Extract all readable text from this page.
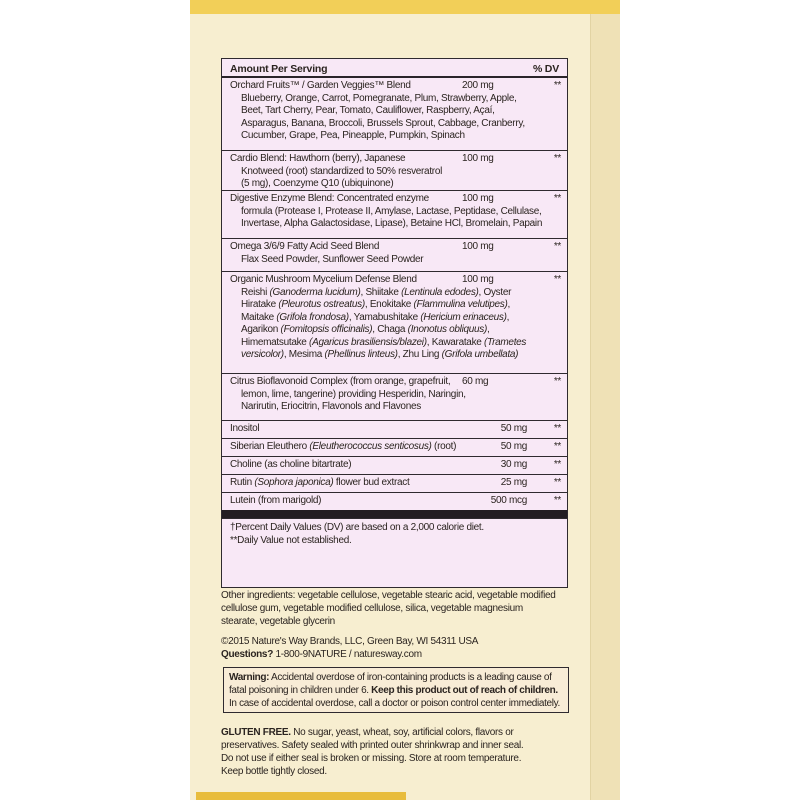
Amount Per Serving	% DV
Orchard Fruits™ / Garden Veggies™ Blend	200 mg	**
Blueberry, Orange, Carrot, Pomegranate, Plum, Strawberry, Apple,
Beet, Tart Cherry, Pear, Tomato, Cauliflower, Raspberry, Açaí,
Asparagus, Banana, Broccoli, Brussels Sprout, Cabbage, Cranberry,
Cucumber, Grape, Pea, Pineapple, Pumpkin, Spinach
Cardio Blend: Hawthorn (berry), Japanese	100 mg	**
Knotweed (root) standardized to 50% resveratrol
(5 mg), Coenzyme Q10 (ubiquinone)
Digestive Enzyme Blend: Concentrated enzyme	100 mg	**
formula (Protease I, Protease II, Amylase, Lactase, Peptidase, Cellulase,
Invertase, Alpha Galactosidase, Lipase), Betaine HCl, Bromelain, Papain
Omega 3/6/9 Fatty Acid Seed Blend	100 mg	**
Flax Seed Powder, Sunflower Seed Powder
Organic Mushroom Mycelium Defense Blend	100 mg	**
Reishi (Ganoderma lucidum), Shiitake (Lentinula edodes), Oyster
Hiratake (Pleurotus ostreatus), Enokitake (Flammulina velutipes),
Maitake (Grifola frondosa), Yamabushitake (Hericium erinaceus),
Agarikon (Fomitopsis officinalis), Chaga (Inonotus obliquus),
Himematsutake (Agaricus brasiliensis/blazei), Kawaratake (Trametes
versicolor), Mesima (Phellinus linteus), Zhu Ling (Grifola umbellata)
Citrus Bioflavonoid Complex (from orange, grapefruit,	60 mg	**
lemon, lime, tangerine) providing Hesperidin, Naringin,
Narirutin, Eriocitrin, Flavonols and Flavones
Inositol	50 mg	**
Siberian Eleuthero (Eleutherococcus senticosus) (root)	50 mg	**
Choline (as choline bitartrate)	30 mg	**
Rutin (Sophora japonica) flower bud extract	25 mg	**
Lutein (from marigold)	500 mcg	**
†Percent Daily Values (DV) are based on a 2,000 calorie diet.
**Daily Value not established.
Other ingredients: vegetable cellulose, vegetable stearic acid, vegetable modified
cellulose gum, vegetable modified cellulose, silica, vegetable magnesium
stearate, vegetable glycerin
©2015 Nature's Way Brands, LLC, Green Bay, WI 54311 USA
Questions? 1-800-9NATURE / naturesway.com
Warning: Accidental overdose of iron-containing products is a leading cause of
fatal poisoning in children under 6. Keep this product out of reach of children.
In case of accidental overdose, call a doctor or poison control center immediately.
GLUTEN FREE. No sugar, yeast, wheat, soy, artificial colors, flavors or
preservatives. Safety sealed with printed outer shrinkwrap and inner seal.
Do not use if either seal is broken or missing. Store at room temperature.
Keep bottle tightly closed.
